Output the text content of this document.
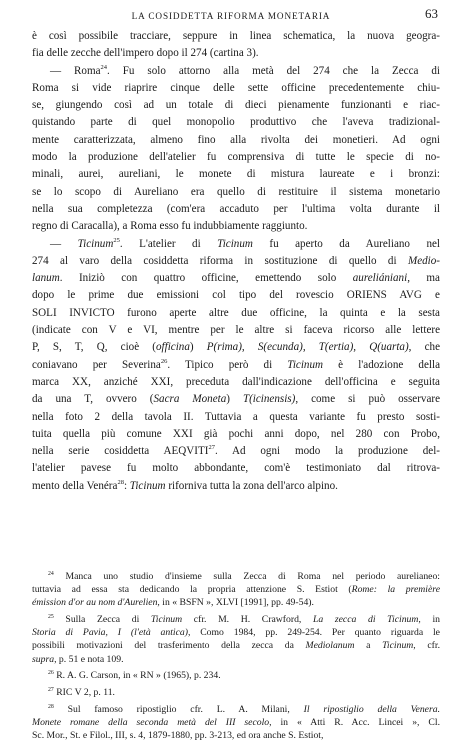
LA COSIDDETTA RIFORMA MONETARIA	63
è così possibile tracciare, seppure in linea schematica, la nuova geogra-
fia delle zecche dell'impero dopo il 274 (cartina 3).
— Roma$^{24}$. Fu solo attorno alla metà del 274 che la Zecca di
Roma si vide riaprire cinque delle sette officine precedentemente chiu-
se, giungendo così ad un totale di dieci pienamente funzionanti e riac-
quistando parte di quel monopolio produttivo che l'aveva tradizional-
mente caratterizzata, almeno fino alla rivolta dei monetieri. Ad ogni
modo la produzione dell'atelier fu comprensiva di tutte le specie di no-
minali, aurei, aureliani, le monete di mistura laureate e i bronzi:
se lo scopo di Aureliano era quello di restituire il sistema monetario
nella sua completezza (com'era accaduto per l'ultima volta durante il
regno di Caracalla), a Roma esso fu indubbiamente raggiunto.
— Ticinum$^{25}$. L'atelier di Ticinum fu aperto da Aureliano nel
274 al varo della cosiddetta riforma in sostituzione di quello di Medio-
lanum. Iniziò con quattro officine, emettendo solo aureliániani, ma
dopo le prime due emissioni col tipo del rovescio ORIENS AVG e
SOLI INVICTO furono aperte altre due officine, la quinta e la sesta
(indicate con V e VI, mentre per le altre si faceva ricorso alle lettere
P, S, T, Q, cioè (officina) P(rima), S(ecunda), T(ertia), Q(uarta), che
coniavano per Severina$^{26}$. Tipico però di Ticinum è l'adozione della
marca XX, anziché XXI, preceduta dall'indicazione dell'officina e seguita
da una T, ovvero (Sacra Moneta) T(icinensis), come si può osservare
nella foto 2 della tavola II. Tuttavia a questa variante fu presto sosti-
tuita quella più comune XXI già pochi anni dopo, nel 280 con Probo,
nella serie cosiddetta AEQVITI$^{27}$. Ad ogni modo la produzione del-
l'atelier pavese fu molto abbondante, com'è testimoniato dal ritrova-
mento della Venéra$^{28}$: Ticinum riforniva tutta la zona dell'arco alpino.
$^{24}$ Manca uno studio d'insieme sulla Zecca di Roma nel periodo aurelianeo:
tuttavia ad essa sta dedicando la propria attenzione S. Estiot (Rome: la première
émission d'or au nom d'Aurelien, in « BSFN », XLVI [1991], pp. 49-54).
$^{25}$ Sulla Zecca di Ticinum cfr. M. H. Crawford, La zecca di Ticinum, in
Storia di Pavia, I (l'età antica), Como 1984, pp. 249-254. Per quanto riguarda le
possibili motivazioni del trasferimento della zecca da Mediolanum a Ticinum, cfr.
supra, p. 51 e nota 109.
$^{26}$ R. A. G. Carson, in « RN » (1965), p. 234.
$^{27}$ RIC V 2, p. 11.
$^{28}$ Sul famoso ripostiglio cfr. L. A. Milani, Il ripostiglio della Venera.
Monete romane della seconda metà del III secolo, in « Atti R. Acc. Lincei », Cl.
Sc. Mor., St. e Filol., III, s. 4, 1879-1880, pp. 3-213, ed ora anche S. Estiot,
